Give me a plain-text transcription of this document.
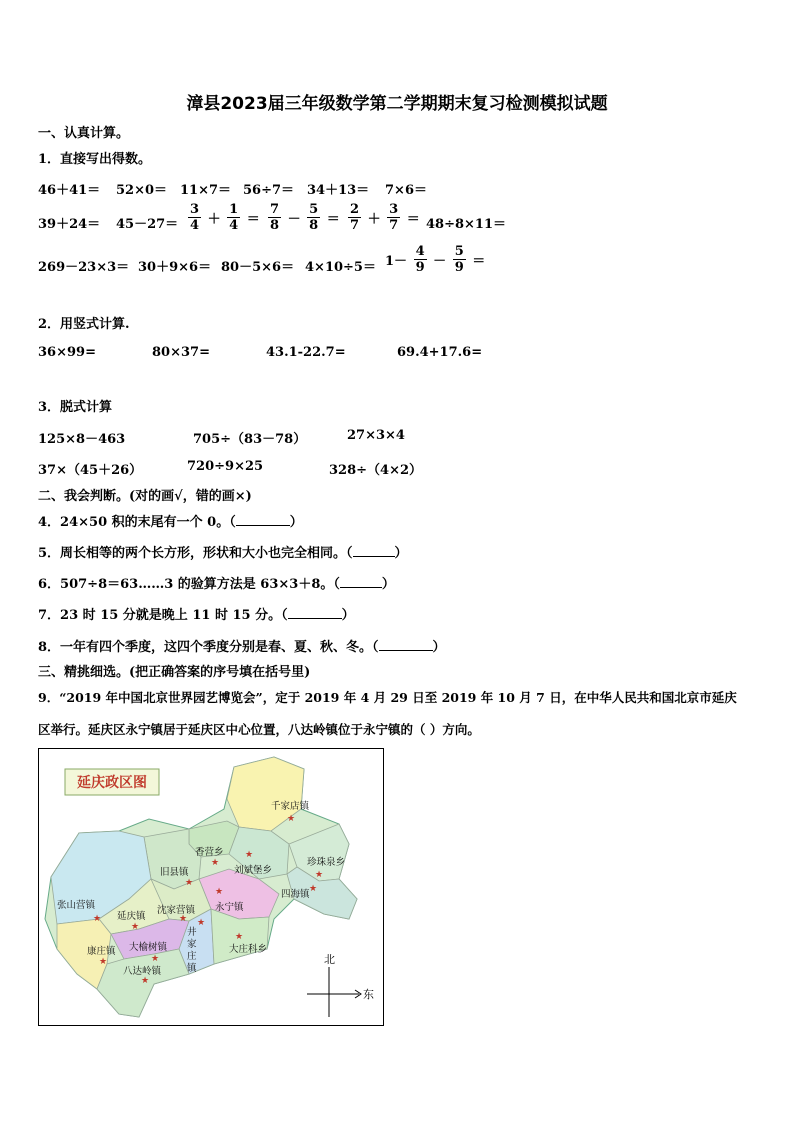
漳县2023届三年级数学第二学期期末复习检测模拟试题
一、认真计算。
1．直接写出得数。
46＋41＝ 52×0＝ 11×7＝ 56÷7＝ 34＋13＝ 7×6＝
$39+24= 45-27= \frac{3}{4} + \frac{1}{4} = \frac{7}{8} - \frac{5}{8} = \frac{2}{7} + \frac{3}{7} = 48\div 8\times 11=$
$269-23\times 3= 30+9\times 6= 80-5\times 6= 4\times 10\div 5= 1- \frac{4}{9} - \frac{5}{9}$ ＝
2．用竖式计算.
36×99=	80×37=	43.1-22.7=	69.4+17.6=
3．脱式计算
125×8－463	705÷（83－78）	27×3×4
37×（45＋26）	720÷9×25	328÷（4×2）
二、我会判断。(对的画√，错的画×)
4．24×50 积的末尾有一个 0。（	）
5．周长相等的两个长方形，形状和大小也完全相同。（	）
6．507÷8＝63……3 的验算方法是 63×3＋8。（	）
7．23 时 15 分就是晚上 11 时 15 分。（	）
8．一年有四个季度，这四个季度分别是春、夏、秋、冬。（	）
三、精挑细选。(把正确答案的序号填在括号里)
9．“2019 年中国北京世界园艺博览会”，定于 2019 年 4 月 29 日至 2019 年 10 月 7 日，在中华人民共和国北京市延庆
区举行。延庆区永宁镇居于延庆区中心位置，八达岭镇位于永宁镇的（ ）方向。
延庆政区图
★
★
★
★
★
★
★
★
★
★ ★
★
★	★
★
千家店镇
香营乡
刘斌堡乡
珍珠泉乡
旧县镇
四海镇
永宁镇
张山营镇
延庆镇
沈家营镇
井
家
庄
镇
大庄科乡
康庄镇 大榆树镇
八达岭镇
北
东
